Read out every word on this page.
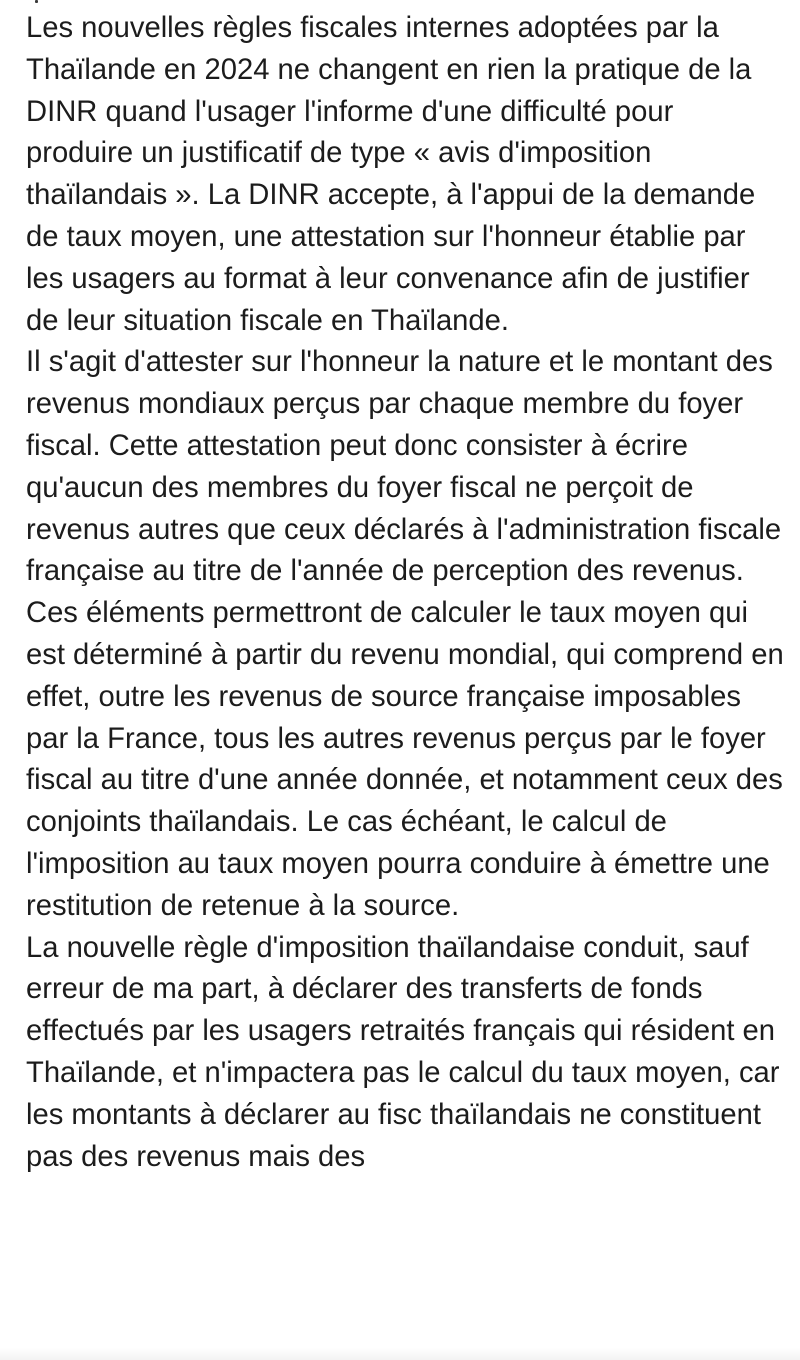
Les nouvelles règles fiscales internes adoptées par la Thaïlande en 2024 ne changent en rien la pratique de la DINR quand l'usager l'informe d'une difficulté pour produire un justificatif de type « avis d'imposition thaïlandais ». La DINR accepte, à l'appui de la demande de taux moyen, une attestation sur l'honneur établie par les usagers au format à leur convenance afin de justifier de leur situation fiscale en Thaïlande.

Il s'agit d'attester sur l'honneur la nature et le montant des revenus mondiaux perçus par chaque membre du foyer fiscal. Cette attestation peut donc consister à écrire qu'aucun des membres du foyer fiscal ne perçoit de revenus autres que ceux déclarés à l'administration fiscale française au titre de l'année de perception des revenus.

Ces éléments permettront de calculer le taux moyen qui est déterminé à partir du revenu mondial, qui comprend en effet, outre les revenus de source française imposables par la France, tous les autres revenus perçus par le foyer fiscal au titre d'une année donnée, et notamment ceux des conjoints thaïlandais. Le cas échéant, le calcul de l'imposition au taux moyen pourra conduire à émettre une restitution de retenue à la source.

La nouvelle règle d'imposition thaïlandaise conduit, sauf erreur de ma part, à déclarer des transferts de fonds effectués par les usagers retraités français qui résident en Thaïlande, et n'impactera pas le calcul du taux moyen, car les montants à déclarer au fisc thaïlandais ne constituent pas des revenus mais des
